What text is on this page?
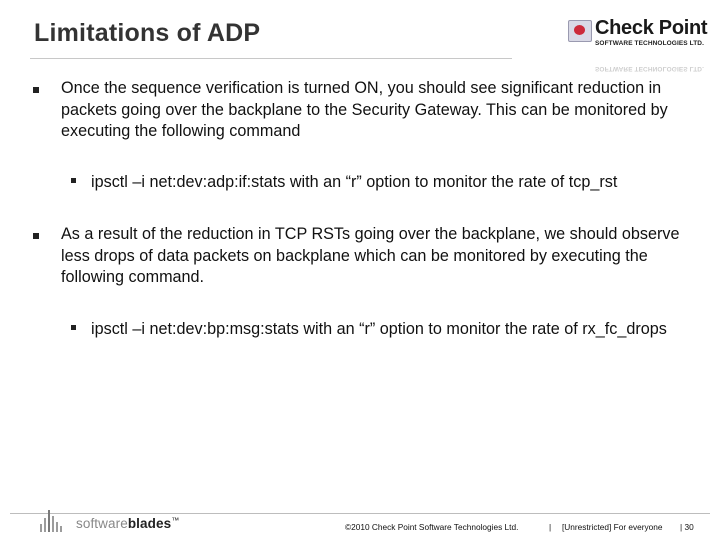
Limitations of ADP	Check Point
SOFTWARE TECHNOLOGIES LTD.
SOFTWARE TECHNOLOGIES LTD.
Once the sequence verification is turned ON, you should see significant reduction in packets going over the backplane to the Security Gateway. This can be monitored by executing the following command
ipsctl –i net:dev:adp:if:stats with an “r” option to monitor the rate of tcp_rst
As a result of the reduction in TCP RSTs going over the backplane, we should observe less drops of data packets on backplane which can be monitored by executing the following command.
ipsctl –i net:dev:bp:msg:stats with an “r” option to monitor the rate of rx_fc_drops
softwareblades™
©2010 Check Point Software Technologies Ltd.	| [Unrestricted] For everyone | 30
